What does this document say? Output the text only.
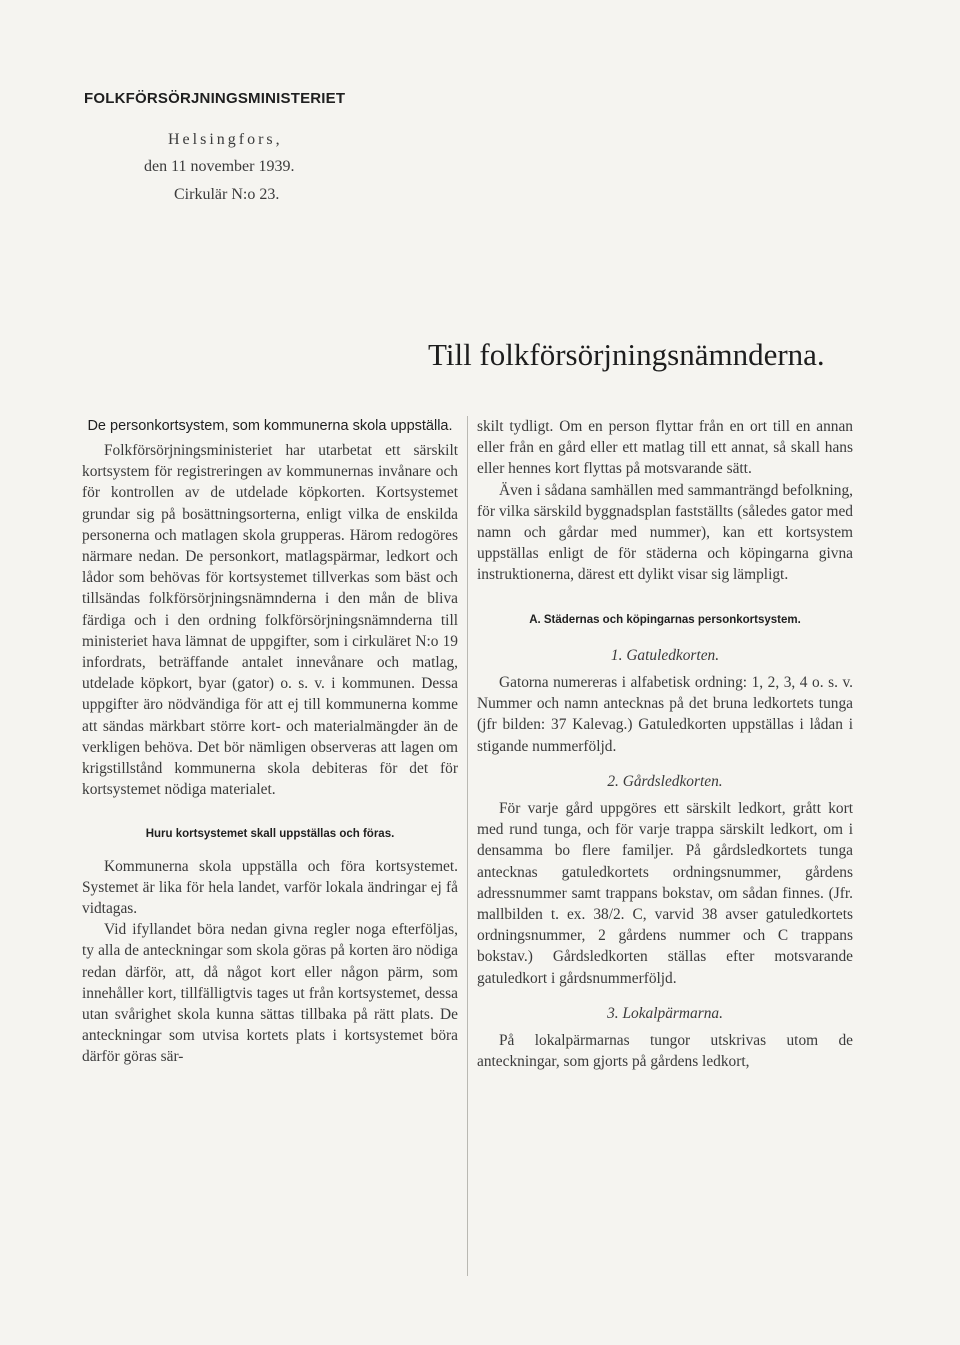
FOLKFÖRSÖRJNINGSMINISTERIET
Helsingfors,
den 11 november 1939.
Cirkulär N:o 23.
Till folkförsörjningsnämnderna.
De personkortsystem, som kommunerna skola uppställa.

Folkförsörjningsministeriet har utarbetat ett särskilt kortsystem för registreringen av kommunernas invånare och för kontrollen av de utdelade köpkorten. Kortsystemet grundar sig på bosättningsorterna, enligt vilka de enskilda personerna och matlagen skola grupperas. Härom redogöres närmare nedan. De personkort, matlagspärmar, ledkort och lådor som behövas för kortsystemet tillverkas som bäst och tillsändas folkförsörjningsnämnderna i den mån de bliva färdiga och i den ordning folkförsörjningsnämnderna till ministeriet hava lämnat de uppgifter, som i cirkuläret N:o 19 infordrats, beträffande antalet innevånare och matlag, utdelade köpkort, byar (gator) o. s. v. i kommunen. Dessa uppgifter äro nödvändiga för att ej till kommunerna komme att sändas märkbart större kort- och materialmängder än de verkligen behöva. Det bör nämligen observeras att lagen om krigstillstånd kommunerna skola debiteras för det för kortsystemet nödiga materialet.

Huru kortsystemet skall uppställas och föras.

Kommunerna skola uppställa och föra kortsystemet. Systemet är lika för hela landet, varför lokala ändringar ej få vidtagas.

Vid ifyllandet böra nedan givna regler noga efterföljas, ty alla de anteckningar som skola göras på korten äro nödiga redan därför, att, då något kort eller någon pärm, som innehåller kort, tillfälligtvis tages ut från kortsystemet, dessa utan svårighet skola kunna sättas tillbaka på rätt plats. De anteckningar som utvisa kortets plats i kortsystemet böra därför göras sär-

skilt tydligt. Om en person flyttar från en ort till en annan eller från en gård eller ett matlag till ett annat, så skall hans eller hennes kort flyttas på motsvarande sätt.

Även i sådana samhällen med sammanträngd befolkning, för vilka särskild byggnadsplan fastställts (således gator med namn och gårdar med nummer), kan ett kortsystem uppställas enligt de för städerna och köpingarna givna instruktionerna, därest ett dylikt visar sig lämpligt.

A. Städernas och köpingarnas personkortsystem.
1. Gatuledkorten.

Gatorna numereras i alfabetisk ordning: 1, 2, 3, 4 o. s. v. Nummer och namn antecknas på det bruna ledkortets tunga (jfr bilden: 37 Kalevag.) Gatuledkorten uppställas i lådan i stigande nummerföljd.

2. Gårdsledkorten.

För varje gård uppgöres ett särskilt ledkort, grått kort med rund tunga, och för varje trappa särskilt ledkort, om i densamma bo flere familjer. På gårdsledkortets tunga antecknas gatuledkortets ordningsnummer, gårdens adressnummer samt trappans bokstav, om sådan finnes. (Jfr. mallbilden t. ex. 38/2. C, varvid 38 avser gatuledkortets ordningsnummer, 2 gårdens nummer och C trappans bokstav.) Gårdsledkorten ställas efter motsvarande gatuledkort i gårdsnummerföljd.

3. Lokalpärmarna.

På lokalpärmarnas tungor utskrivas utom de anteckningar, som gjorts på gårdens ledkort,
